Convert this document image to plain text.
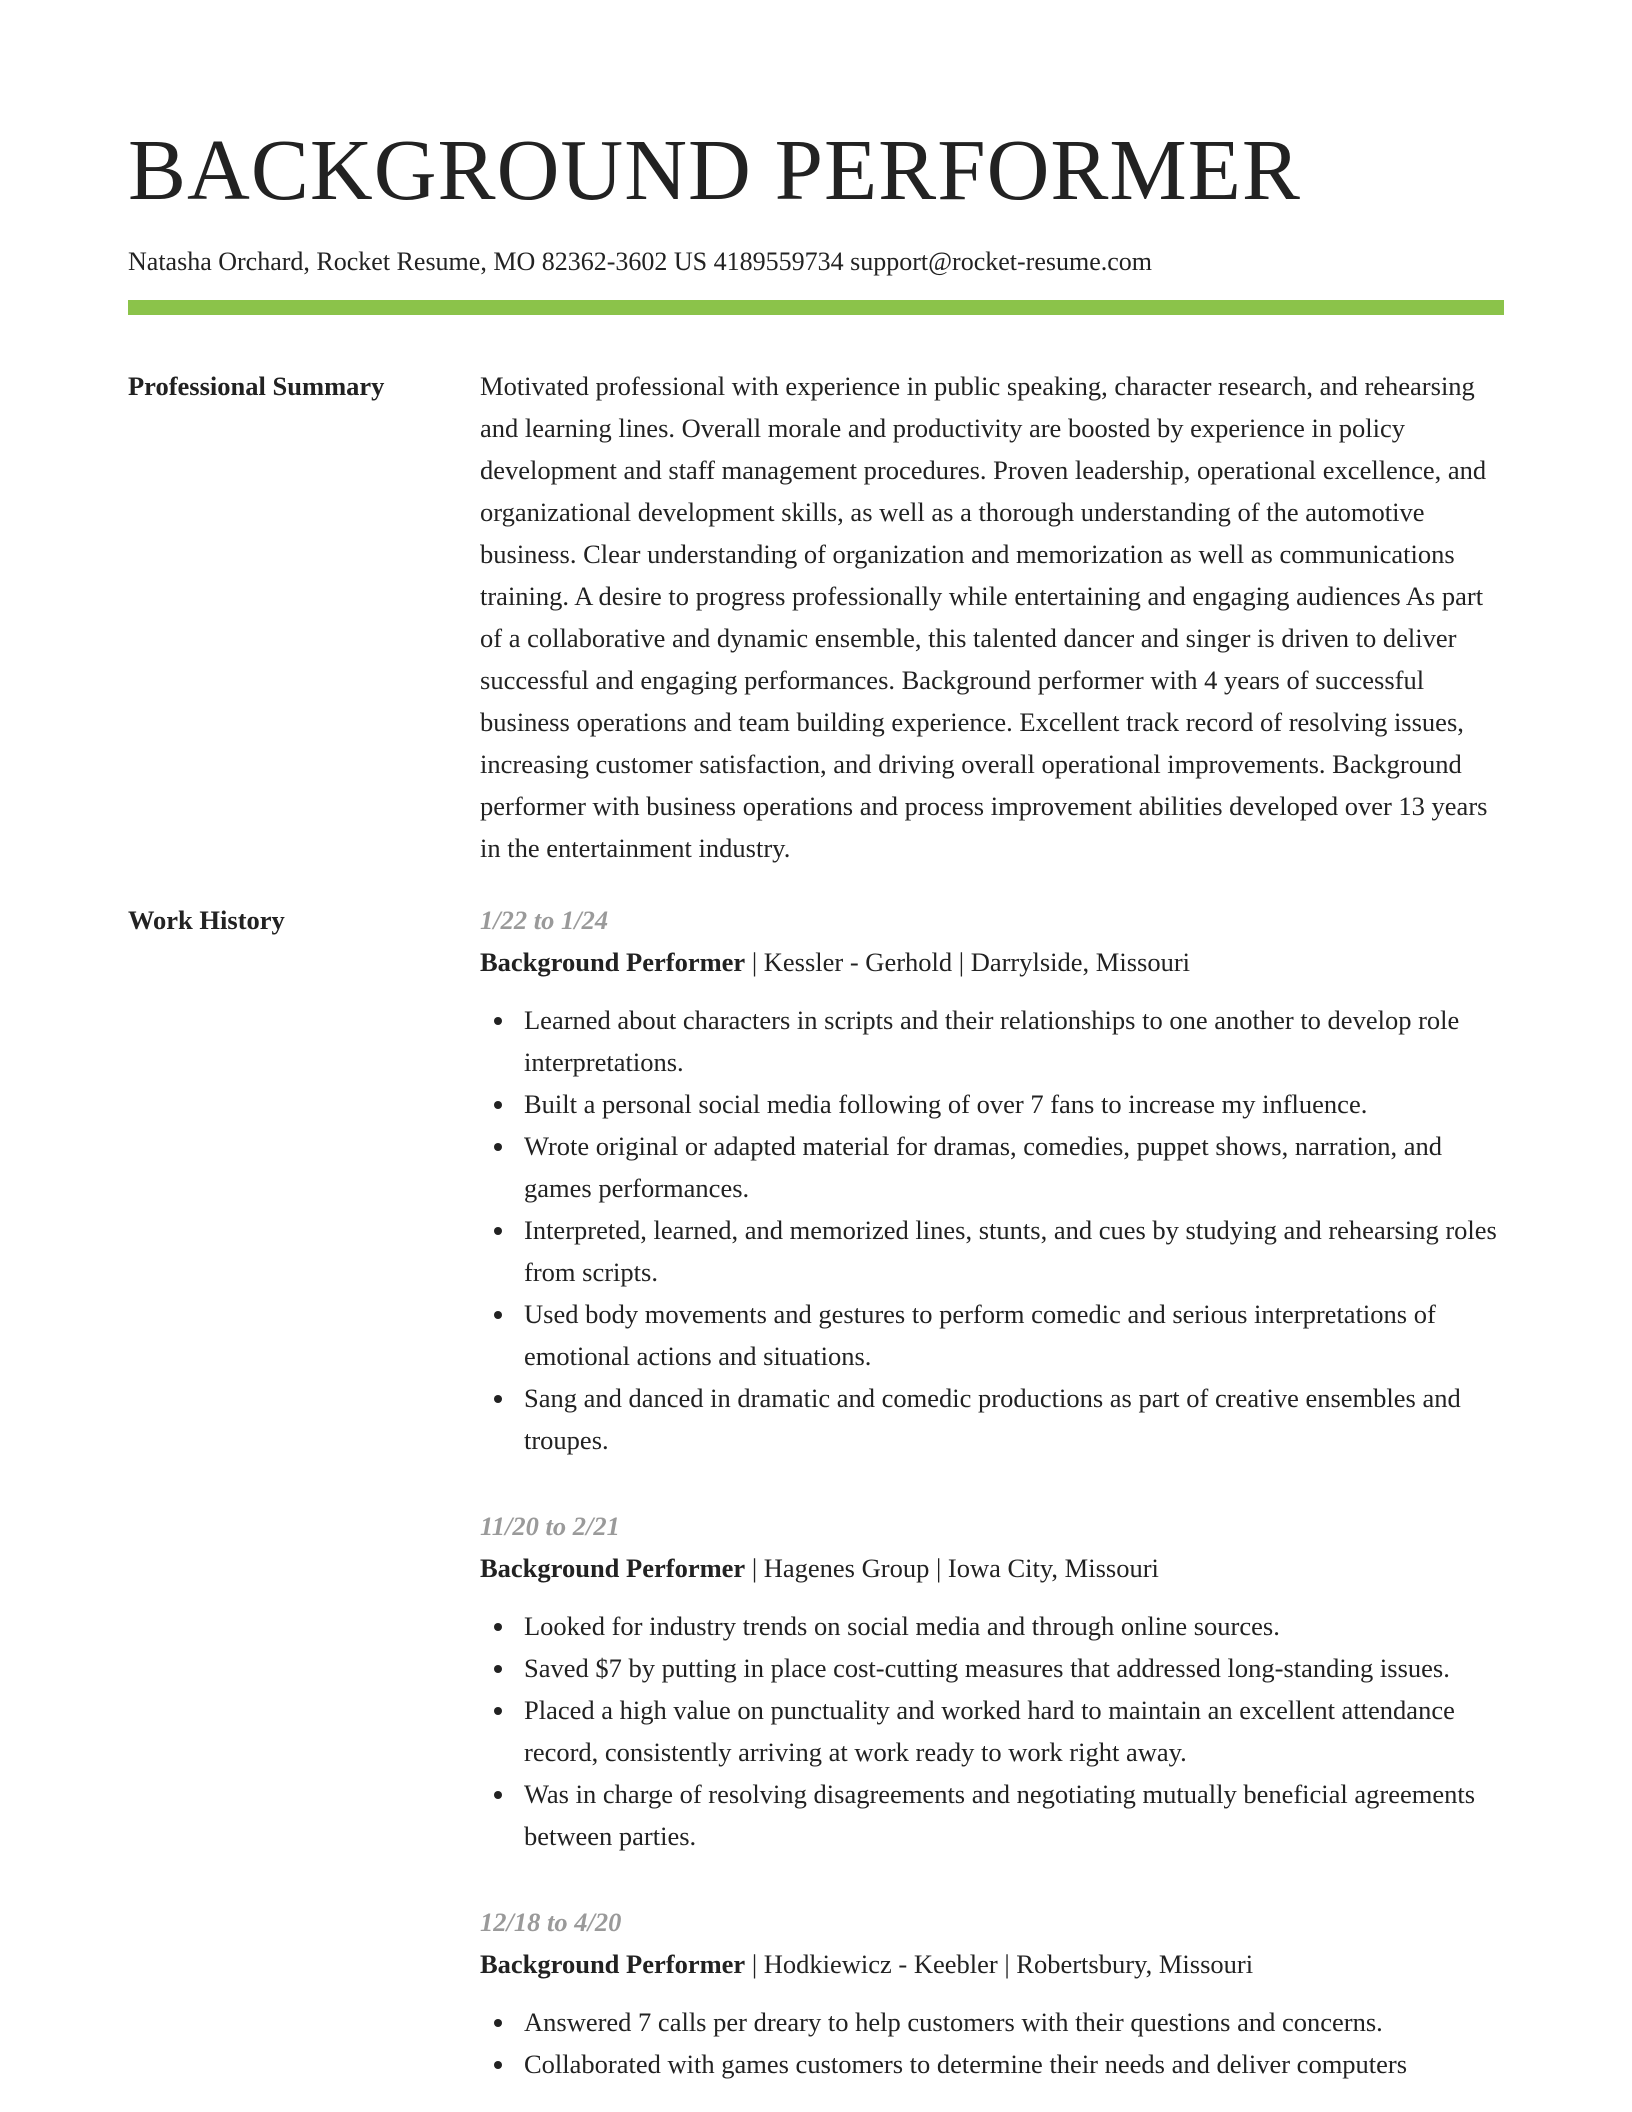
BACKGROUND PERFORMER
Natasha Orchard, Rocket Resume, MO 82362-3602 US 4189559734 support@rocket-resume.com
Professional Summary	Motivated professional with experience in public speaking, character research, and rehearsing and learning lines. Overall morale and productivity are boosted by experience in policy development and staff management procedures. Proven leadership, operational excellence, and organizational development skills, as well as a thorough understanding of the automotive business. Clear understanding of organization and memorization as well as communications training. A desire to progress professionally while entertaining and engaging audiences As part of a collaborative and dynamic ensemble, this talented dancer and singer is driven to deliver successful and engaging performances. Background performer with 4 years of successful business operations and team building experience. Excellent track record of resolving issues, increasing customer satisfaction, and driving overall operational improvements. Background performer with business operations and process improvement abilities developed over 13 years in the entertainment industry.
Work History	1/22 to 1/24
Background Performer | Kessler - Gerhold | Darrylside, Missouri
Learned about characters in scripts and their relationships to one another to develop role interpretations.
Built a personal social media following of over 7 fans to increase my influence.
Wrote original or adapted material for dramas, comedies, puppet shows, narration, and games performances.
Interpreted, learned, and memorized lines, stunts, and cues by studying and rehearsing roles from scripts.
Used body movements and gestures to perform comedic and serious interpretations of emotional actions and situations.
Sang and danced in dramatic and comedic productions as part of creative ensembles and troupes.
11/20 to 2/21
Background Performer | Hagenes Group | Iowa City, Missouri
Looked for industry trends on social media and through online sources.
Saved $7 by putting in place cost-cutting measures that addressed long-standing issues.
Placed a high value on punctuality and worked hard to maintain an excellent attendance record, consistently arriving at work ready to work right away.
Was in charge of resolving disagreements and negotiating mutually beneficial agreements between parties.
12/18 to 4/20
Background Performer | Hodkiewicz - Keebler | Robertsbury, Missouri
Answered 7 calls per dreary to help customers with their questions and concerns.
Collaborated with games customers to determine their needs and deliver computers
